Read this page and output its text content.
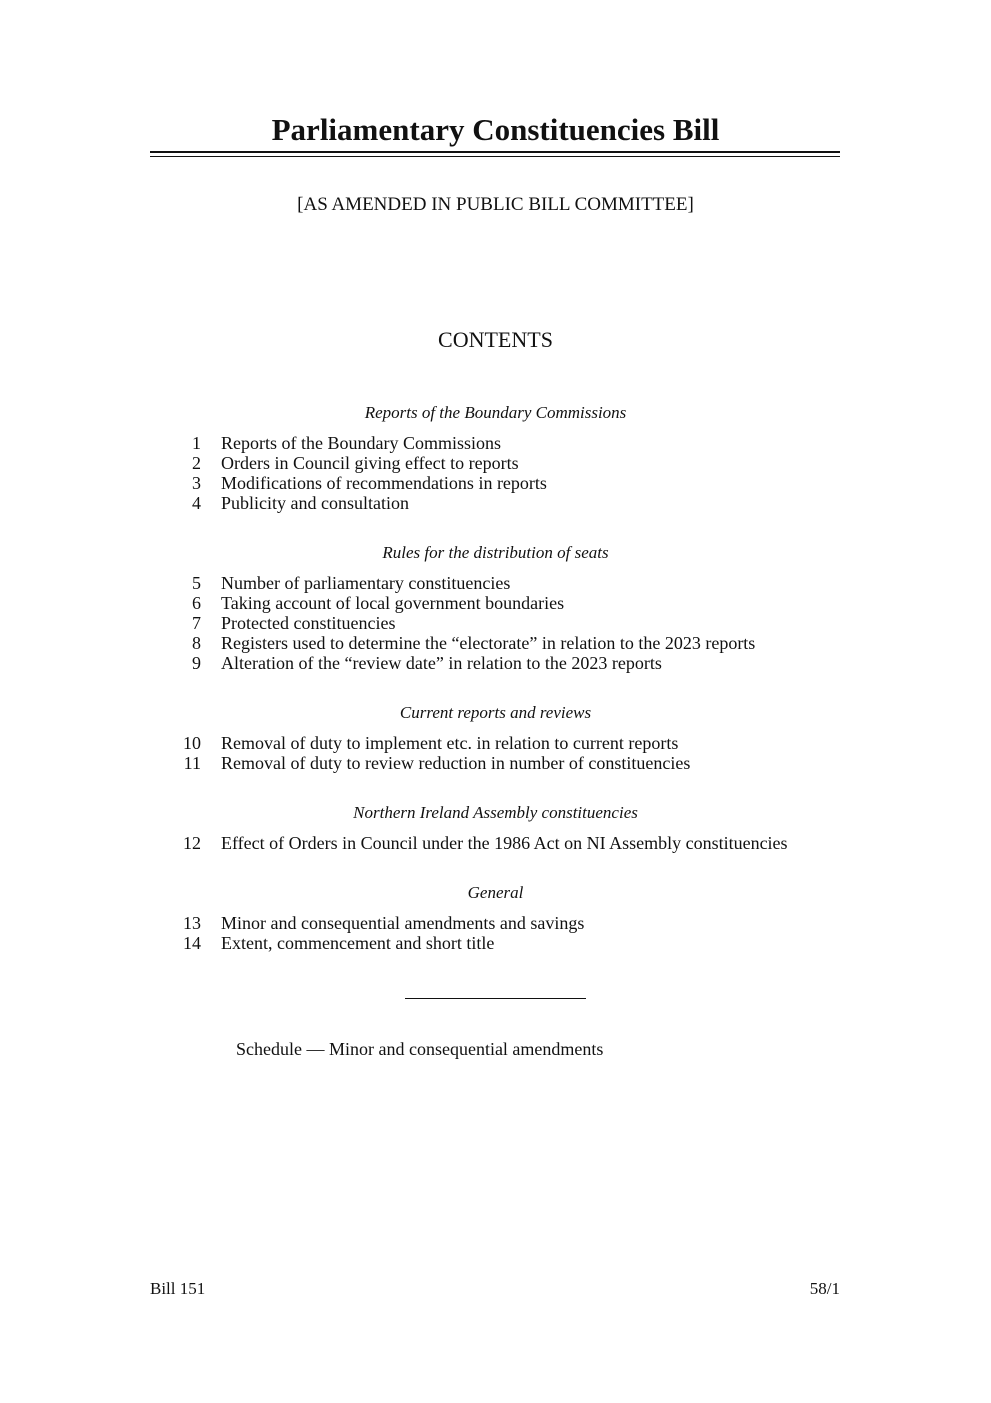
Parliamentary Constituencies Bill
[AS AMENDED IN PUBLIC BILL COMMITTEE]
CONTENTS
Reports of the Boundary Commissions
1 Reports of the Boundary Commissions
2 Orders in Council giving effect to reports
3 Modifications of recommendations in reports
4 Publicity and consultation
Rules for the distribution of seats
5 Number of parliamentary constituencies
6 Taking account of local government boundaries
7 Protected constituencies
8 Registers used to determine the “electorate” in relation to the 2023 reports
9 Alteration of the “review date” in relation to the 2023 reports
Current reports and reviews
10 Removal of duty to implement etc. in relation to current reports
11 Removal of duty to review reduction in number of constituencies
Northern Ireland Assembly constituencies
12 Effect of Orders in Council under the 1986 Act on NI Assembly constituencies
General
13 Minor and consequential amendments and savings
14 Extent, commencement and short title
Schedule — Minor and consequential amendments
Bill 151	58/1
